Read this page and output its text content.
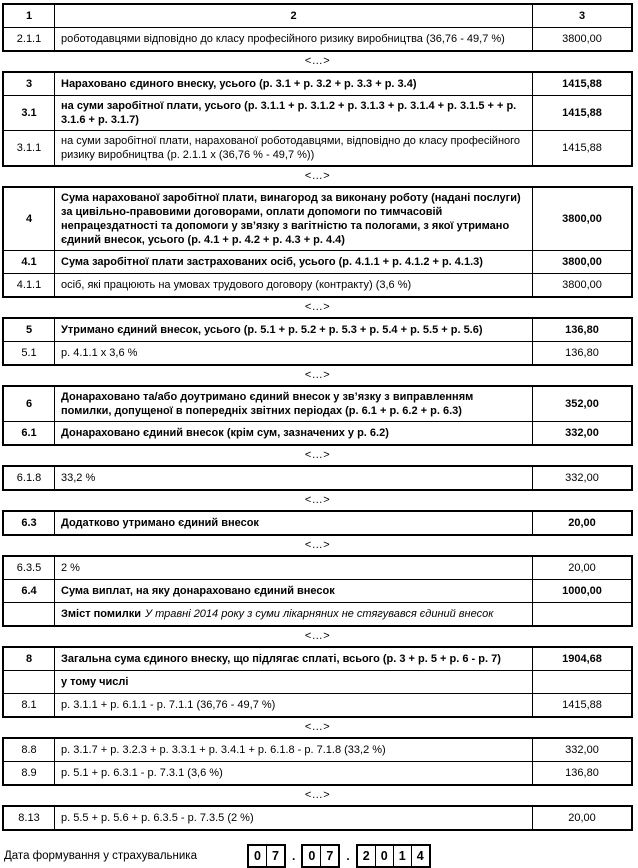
1	2	3
2.1.1	роботодавцями відповідно до класу професійного ризику виробництва (36,76 - 49,7 %)	3800,00
<…>
3	Нараховано єдиного внеску, усього (р. 3.1 + р. 3.2 + р. 3.3 + р. 3.4)	1415,88
3.1	на суми заробітної плати, усього (р. 3.1.1 + р. 3.1.2 + р. 3.1.3 + р. 3.1.4 + р. 3.1.5 + + р. 3.1.6 + р. 3.1.7)	1415,88
3.1.1	на суми заробітної плати, нарахованої роботодавцями, відповідно до класу професійного ризику виробництва (р. 2.1.1 х (36,76 % - 49,7 %))	1415,88
<…>
4	Сума нарахованої заробітної плати, винагород за виконану роботу (надані послуги) за цивільно-правовими договорами, оплати допомоги по тимчасовій непрацездатності та допомоги у зв’язку з вагітністю та пологами, з якої утримано єдиний внесок, усього (р. 4.1 + р. 4.2 + р. 4.3 + р. 4.4)	3800,00
4.1	Сума заробітної плати застрахованих осіб, усього (р. 4.1.1 + р. 4.1.2 + р. 4.1.3)	3800,00
4.1.1	осіб, які працюють на умовах трудового договору (контракту) (3,6 %)	3800,00
<…>
5	Утримано єдиний внесок, усього (р. 5.1 + р. 5.2 + р. 5.3 + р. 5.4 + р. 5.5 + р. 5.6)	136,80
5.1	р. 4.1.1 х 3,6 %	136,80
<…>
6	Донараховано та/або доутримано єдиний внесок у зв’язку з виправленням помилки, допущеної в попередніх звітних періодах (р. 6.1 + р. 6.2 + р. 6.3)	352,00
6.1	Донараховано єдиний внесок (крім сум, зазначених у р. 6.2)	332,00
<…>
6.1.8	33,2 %	332,00
<…>
6.3	Додатково утримано єдиний внесок	20,00
<…>
6.3.5	2 %	20,00
6.4	Сума виплат, на яку донараховано єдиний внесок	1000,00
	Зміст помилки У травні 2014 року з суми лікарняних не стягувався єдиний внесок	
<…>
8	Загальна сума єдиного внеску, що підлягає сплаті, всього (р. 3 + р. 5 + р. 6 - р. 7)	1904,68
	у тому числі	
8.1	р. 3.1.1 + р. 6.1.1 - р. 7.1.1 (36,76 - 49,7 %)	1415,88
<…>
8.8	р. 3.1.7 + р. 3.2.3 + р. 3.3.1 + р. 3.4.1 + р. 6.1.8 - р. 7.1.8 (33,2 %)	332,00
8.9	р. 5.1 + р. 6.3.1 - р. 7.3.1 (3,6 %)	136,80
<…>
8.13	р. 5.5 + р. 5.6 + р. 6.3.5 - р. 7.3.5 (2 %)	20,00
Дата формування у страхувальника	0 7	.	0 7	.	2 0 1 4
